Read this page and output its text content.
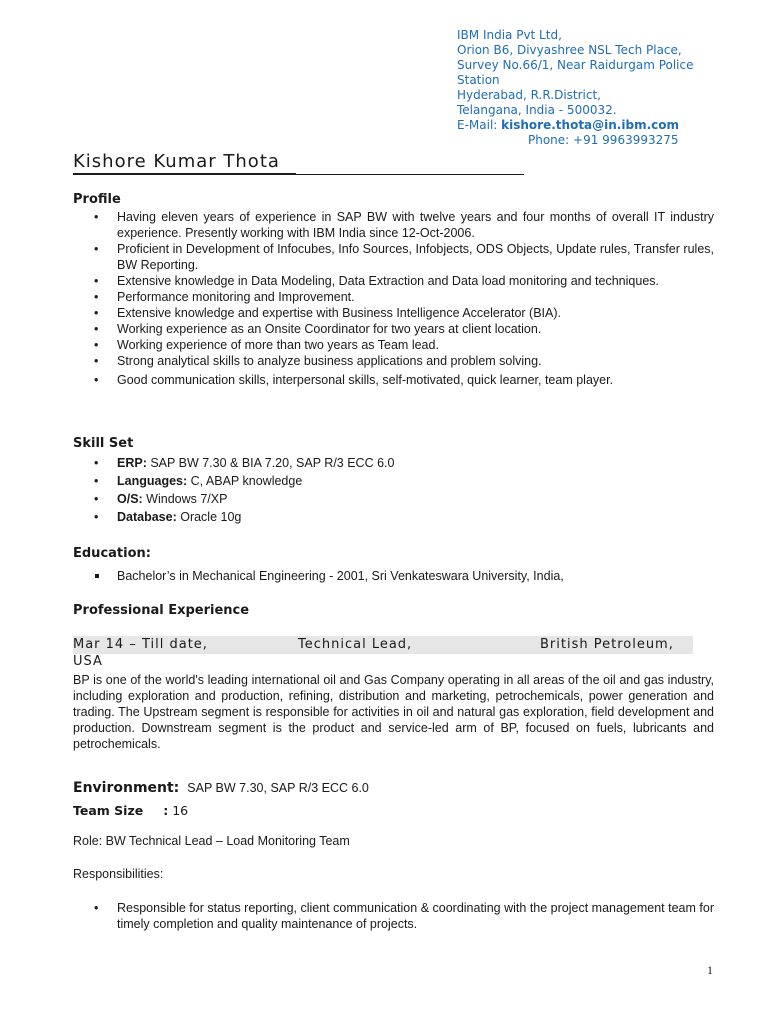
IBM India Pvt Ltd,
Orion B6, Divyashree NSL Tech Place,
Survey No.66/1, Near Raidurgam Police
Station
Hyderabad, R.R.District,
Telangana, India - 500032.
E-Mail: kishore.thota@in.ibm.com
Phone: +91 9963993275
Kishore Kumar Thota
Profile
• Having eleven years of experience in SAP BW with twelve years and four months of overall IT industry experience. Presently working with IBM India since 12-Oct-2006.
• Proficient in Development of Infocubes, Info Sources, Infobjects, ODS Objects, Update rules, Transfer rules, BW Reporting.
• Extensive knowledge in Data Modeling, Data Extraction and Data load monitoring and techniques.
• Performance monitoring and Improvement.
• Extensive knowledge and expertise with Business Intelligence Accelerator (BIA).
• Working experience as an Onsite Coordinator for two years at client location.
• Working experience of more than two years as Team lead.
• Strong analytical skills to analyze business applications and problem solving.
• Good communication skills, interpersonal skills, self-motivated, quick learner, team player.
Skill Set
• ERP: SAP BW 7.30 & BIA 7.20, SAP R/3 ECC 6.0
• Languages: C, ABAP knowledge
• O/S: Windows 7/XP
• Database: Oracle 10g
Education:
Bachelor’s in Mechanical Engineering - 2001, Sri Venkateswara University, India,
Professional Experience
Mar 14 – Till date,	Technical Lead,	British Petroleum,
USA
BP is one of the world's leading international oil and Gas Company operating in all areas of the oil and gas industry, including exploration and production, refining, distribution and marketing, petrochemicals, power generation and trading. The Upstream segment is responsible for activities in oil and natural gas exploration, field development and production. Downstream segment is the product and service-led arm of BP, focused on fuels, lubricants and petrochemicals.
Environment: SAP BW 7.30, SAP R/3 ECC 6.0
Team Size : 16
Role: BW Technical Lead – Load Monitoring Team
Responsibilities:
• Responsible for status reporting, client communication & coordinating with the project management team for timely completion and quality maintenance of projects.
1
